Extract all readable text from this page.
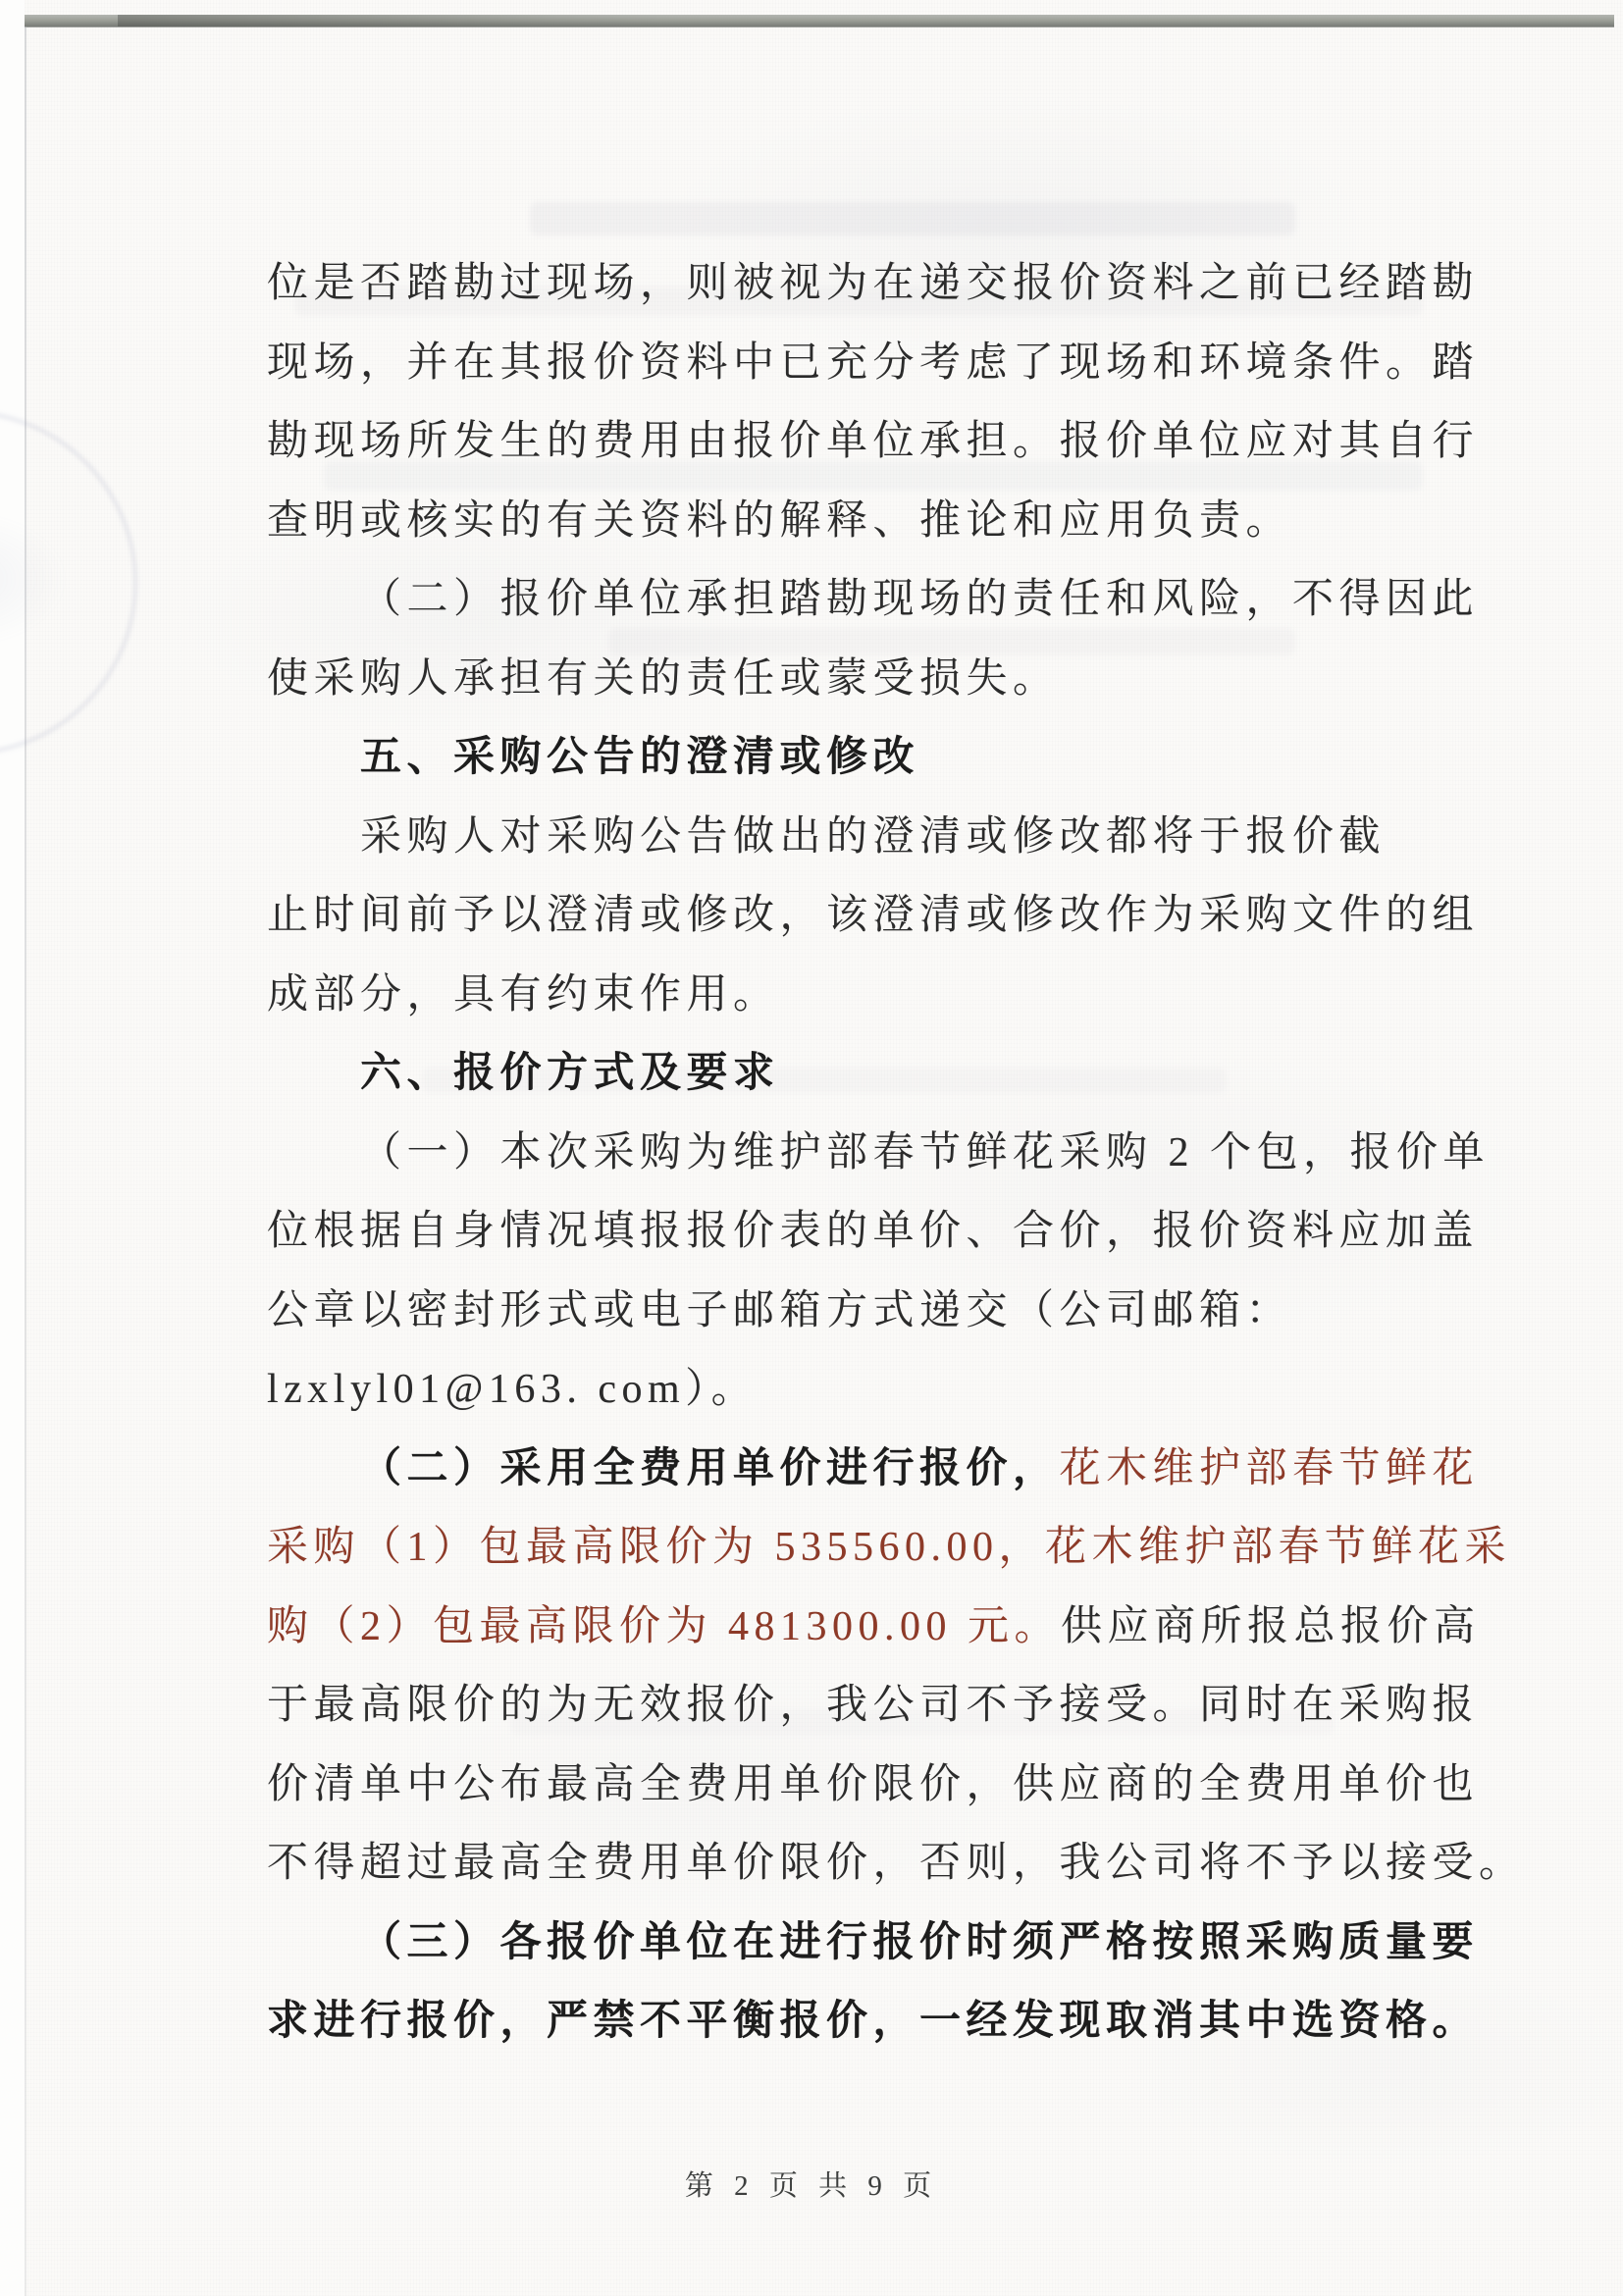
位是否踏勘过现场，则被视为在递交报价资料之前已经踏勘
现场，并在其报价资料中已充分考虑了现场和环境条件。踏
勘现场所发生的费用由报价单位承担。报价单位应对其自行
查明或核实的有关资料的解释、推论和应用负责。
（二）报价单位承担踏勘现场的责任和风险，不得因此
使采购人承担有关的责任或蒙受损失。
五、采购公告的澄清或修改
采购人对采购公告做出的澄清或修改都将于报价截
止时间前予以澄清或修改，该澄清或修改作为采购文件的组
成部分，具有约束作用。
六、报价方式及要求
（一）本次采购为维护部春节鲜花采购 2 个包，报价单
位根据自身情况填报报价表的单价、合价，报价资料应加盖
公章以密封形式或电子邮箱方式递交（公司邮箱：
lzxlyl01@163. com）。
（二）采用全费用单价进行报价，花木维护部春节鲜花
采购（1）包最高限价为 535560.00，花木维护部春节鲜花采
购（2）包最高限价为 481300.00 元。供应商所报总报价高
于最高限价的为无效报价，我公司不予接受。同时在采购报
价清单中公布最高全费用单价限价，供应商的全费用单价也
不得超过最高全费用单价限价，否则，我公司将不予以接受。
（三）各报价单位在进行报价时须严格按照采购质量要
求进行报价，严禁不平衡报价，一经发现取消其中选资格。
第 2 页 共 9 页
